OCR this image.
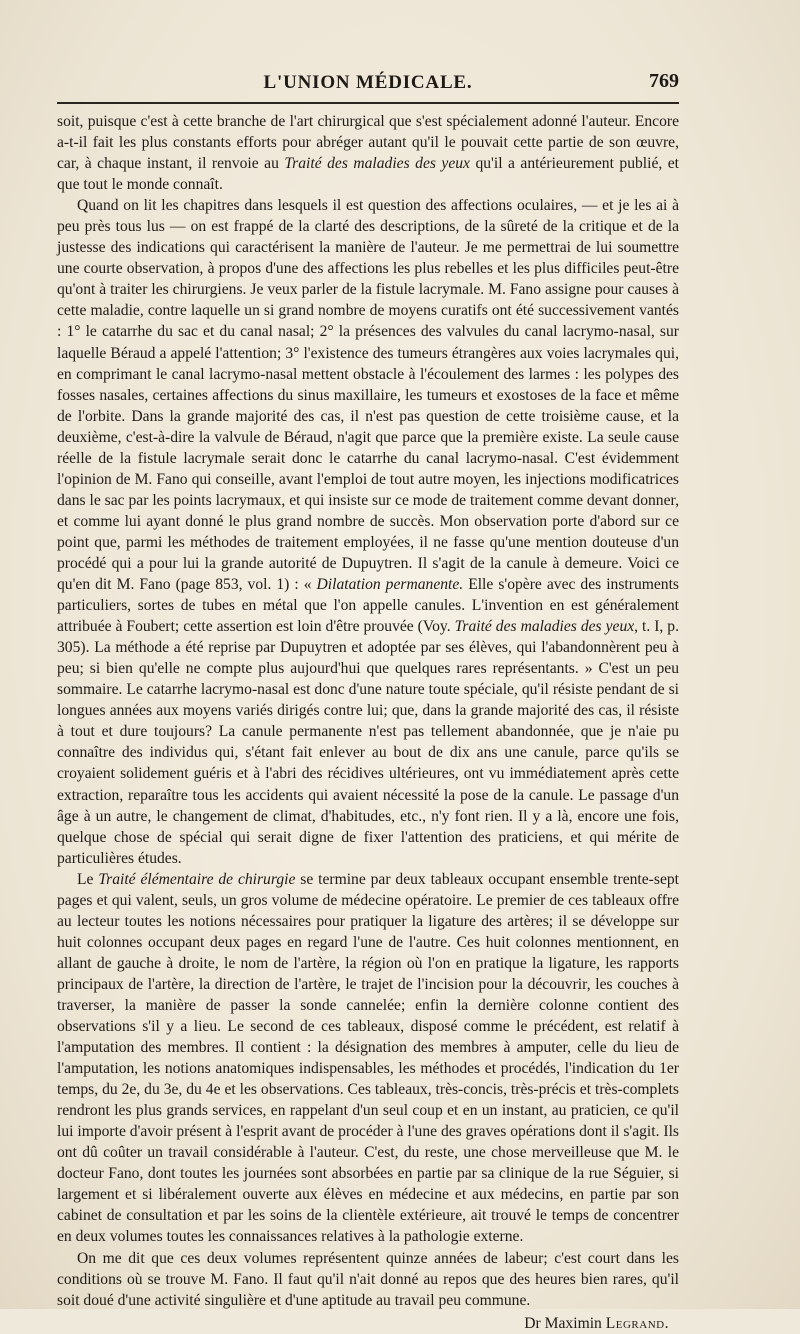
L'UNION MÉDICALE.	769

soit, puisque c'est à cette branche de l'art chirurgical que s'est spécialement adonné l'auteur. Encore a-t-il fait les plus constants efforts pour abréger autant qu'il le pouvait cette partie de son œuvre, car, à chaque instant, il renvoie au Traité des maladies des yeux qu'il a antérieurement publié, et que tout le monde connaît.

Quand on lit les chapitres dans lesquels il est question des affections oculaires, — et je les ai à peu près tous lus — on est frappé de la clarté des descriptions, de la sûreté de la critique et de la justesse des indications qui caractérisent la manière de l'auteur. Je me permettrai de lui soumettre une courte observation, à propos d'une des affections les plus rebelles et les plus difficiles peut-être qu'ont à traiter les chirurgiens. Je veux parler de la fistule lacrymale. M. Fano assigne pour causes à cette maladie, contre laquelle un si grand nombre de moyens curatifs ont été successivement vantés : 1° le catarrhe du sac et du canal nasal; 2° la présences des valvules du canal lacrymo-nasal, sur laquelle Béraud a appelé l'attention; 3° l'existence des tumeurs étrangères aux voies lacrymales qui, en comprimant le canal lacrymo-nasal mettent obstacle à l'écoulement des larmes : les polypes des fosses nasales, certaines affections du sinus maxillaire, les tumeurs et exostoses de la face et même de l'orbite. Dans la grande majorité des cas, il n'est pas question de cette troisième cause, et la deuxième, c'est-à-dire la valvule de Béraud, n'agit que parce que la première existe. La seule cause réelle de la fistule lacrymale serait donc le catarrhe du canal lacrymo-nasal. C'est évidemment l'opinion de M. Fano qui conseille, avant l'emploi de tout autre moyen, les injections modificatrices dans le sac par les points lacrymaux, et qui insiste sur ce mode de traitement comme devant donner, et comme lui ayant donné le plus grand nombre de succès. Mon observation porte d'abord sur ce point que, parmi les méthodes de traitement employées, il ne fasse qu'une mention douteuse d'un procédé qui a pour lui la grande autorité de Dupuytren. Il s'agit de la canule à demeure. Voici ce qu'en dit M. Fano (page 853, vol. 1) : « Dilatation permanente. Elle s'opère avec des instruments particuliers, sortes de tubes en métal que l'on appelle canules. L'invention en est généralement attribuée à Foubert; cette assertion est loin d'être prouvée (Voy. Traité des maladies des yeux, t. I, p. 305). La méthode a été reprise par Dupuytren et adoptée par ses élèves, qui l'abandonnèrent peu à peu; si bien qu'elle ne compte plus aujourd'hui que quelques rares représentants. » C'est un peu sommaire. Le catarrhe lacrymo-nasal est donc d'une nature toute spéciale, qu'il résiste pendant de si longues années aux moyens variés dirigés contre lui; que, dans la grande majorité des cas, il résiste à tout et dure toujours? La canule permanente n'est pas tellement abandonnée, que je n'aie pu connaître des individus qui, s'étant fait enlever au bout de dix ans une canule, parce qu'ils se croyaient solidement guéris et à l'abri des récidives ultérieures, ont vu immédiatement après cette extraction, reparaître tous les accidents qui avaient nécessité la pose de la canule. Le passage d'un âge à un autre, le changement de climat, d'habitudes, etc., n'y font rien. Il y a là, encore une fois, quelque chose de spécial qui serait digne de fixer l'attention des praticiens, et qui mérite de particulières études.

Le Traité élémentaire de chirurgie se termine par deux tableaux occupant ensemble trente-sept pages et qui valent, seuls, un gros volume de médecine opératoire. Le premier de ces tableaux offre au lecteur toutes les notions nécessaires pour pratiquer la ligature des artères; il se développe sur huit colonnes occupant deux pages en regard l'une de l'autre. Ces huit colonnes mentionnent, en allant de gauche à droite, le nom de l'artère, la région où l'on en pratique la ligature, les rapports principaux de l'artère, la direction de l'artère, le trajet de l'incision pour la découvrir, les couches à traverser, la manière de passer la sonde cannelée; enfin la dernière colonne contient des observations s'il y a lieu. Le second de ces tableaux, disposé comme le précédent, est relatif à l'amputation des membres. Il contient : la désignation des membres à amputer, celle du lieu de l'amputation, les notions anatomiques indispensables, les méthodes et procédés, l'indication du 1er temps, du 2e, du 3e, du 4e et les observations. Ces tableaux, très-concis, très-précis et très-complets rendront les plus grands services, en rappelant d'un seul coup et en un instant, au praticien, ce qu'il lui importe d'avoir présent à l'esprit avant de procéder à l'une des graves opérations dont il s'agit. Ils ont dû coûter un travail considérable à l'auteur. C'est, du reste, une chose merveilleuse que M. le docteur Fano, dont toutes les journées sont absorbées en partie par sa clinique de la rue Séguier, si largement et si libéralement ouverte aux élèves en médecine et aux médecins, en partie par son cabinet de consultation et par les soins de la clientèle extérieure, ait trouvé le temps de concentrer en deux volumes toutes les connaissances relatives à la pathologie externe.

On me dit que ces deux volumes représentent quinze années de labeur; c'est court dans les conditions où se trouve M. Fano. Il faut qu'il n'ait donné au repos que des heures bien rares, qu'il soit doué d'une activité singulière et d'une aptitude au travail peu commune.

Dr Maximin Legrand.
